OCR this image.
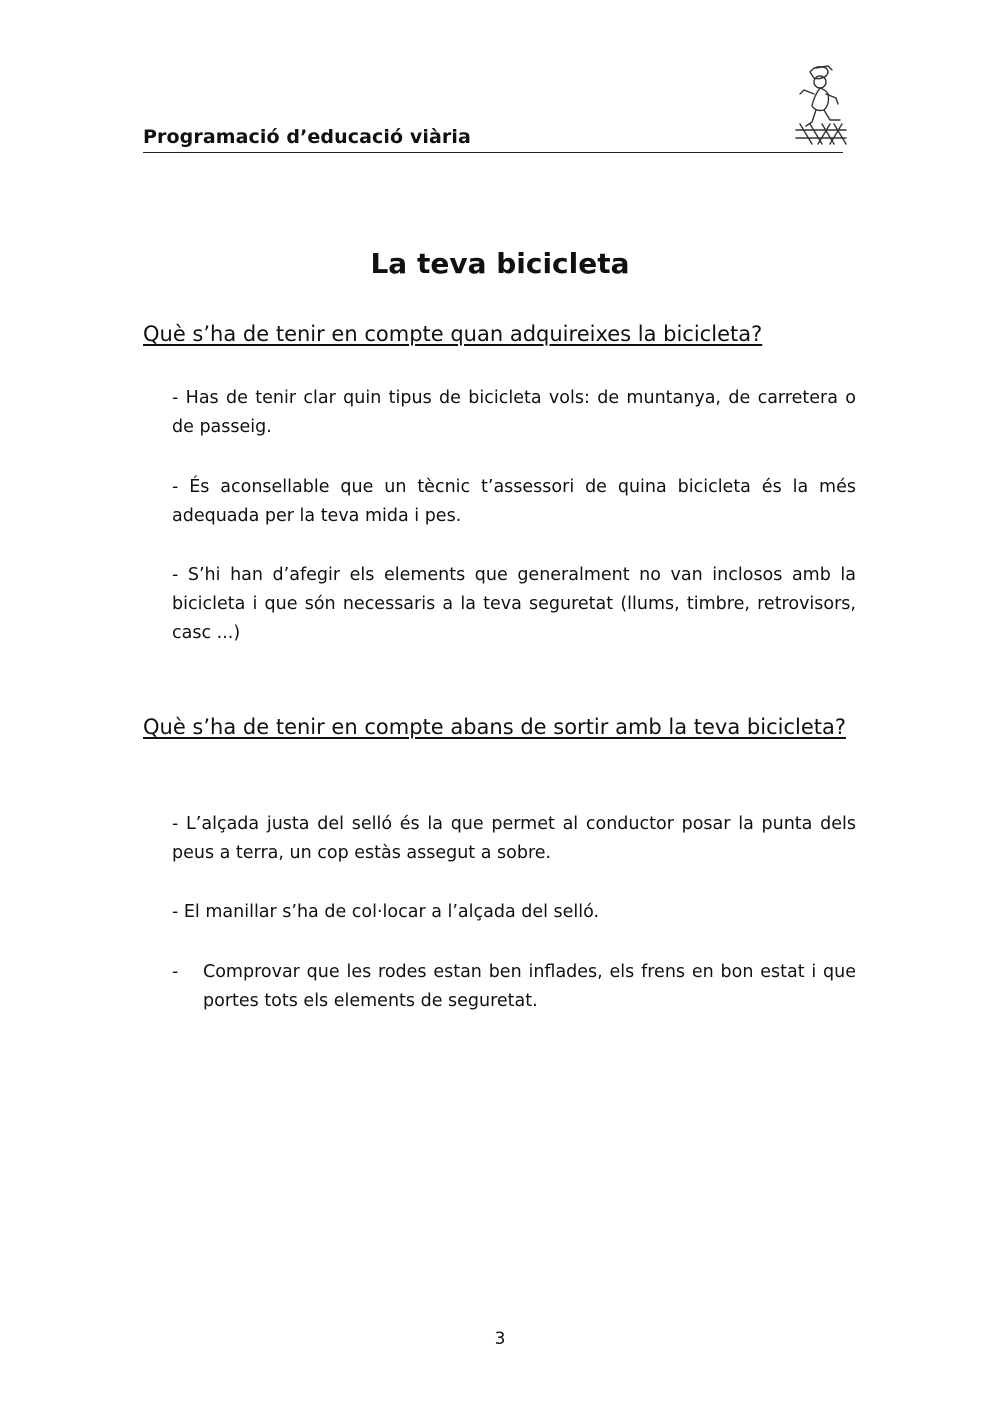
Programació d’educació viària
La teva bicicleta
Què s’ha de tenir en compte quan adquireixes la bicicleta?
- Has de tenir clar quin tipus de bicicleta vols: de muntanya, de carretera o de passeig.
- És aconsellable que un tècnic t’assessori de quina bicicleta és la més adequada per la teva mida i pes.
- S’hi han d’afegir els elements que generalment no van inclosos amb la bicicleta i que són necessaris a la teva seguretat (llums, timbre, retrovisors, casc ...)
Què s’ha de tenir en compte abans de sortir amb la teva bicicleta?
- L’alçada justa del selló és la que permet al conductor posar la punta dels peus a terra, un cop estàs assegut a sobre.
- El manillar s’ha de col·locar a l’alçada del selló.
- Comprovar que les rodes estan ben inflades, els frens en bon estat i que portes tots els elements de seguretat.
3
